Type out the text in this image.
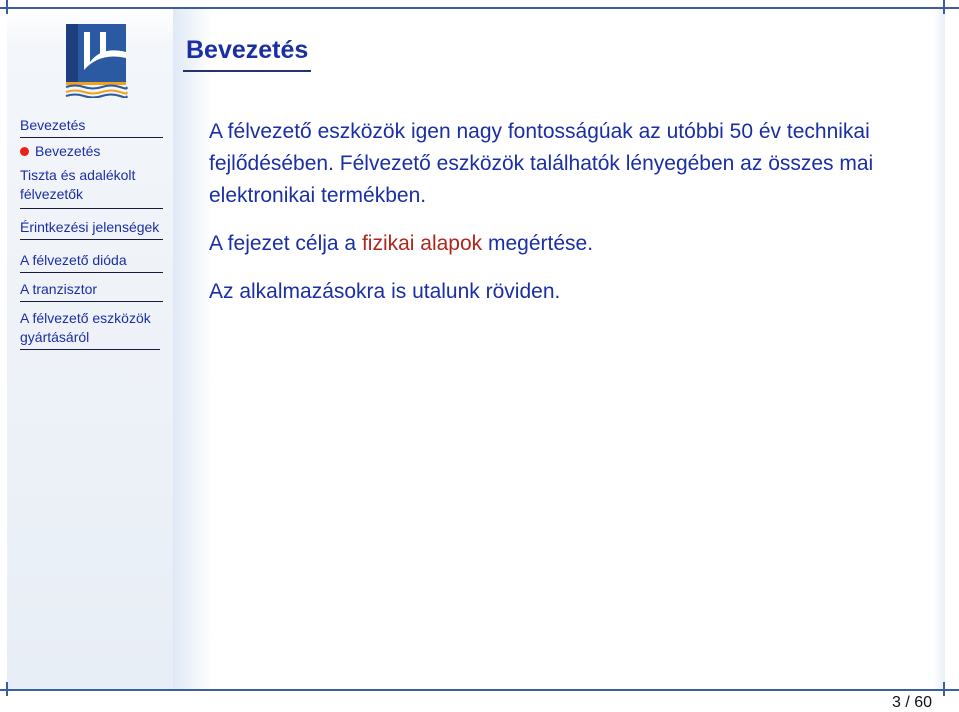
Bevezetés
Bevezetés
Bevezetés
Tiszta és adalékolt félvezetők
Érintkezési jelenségek
A félvezető dióda
A tranzisztor
A félvezető eszközök gyártásáról

A félvezető eszközök igen nagy fontosságúak az utóbbi 50 év technikai fejlődésében. Félvezető eszközök találhatók lényegében az összes mai elektronikai termékben.

A fejezet célja a fizikai alapok megértése.

Az alkalmazásokra is utalunk röviden.

3 / 60
